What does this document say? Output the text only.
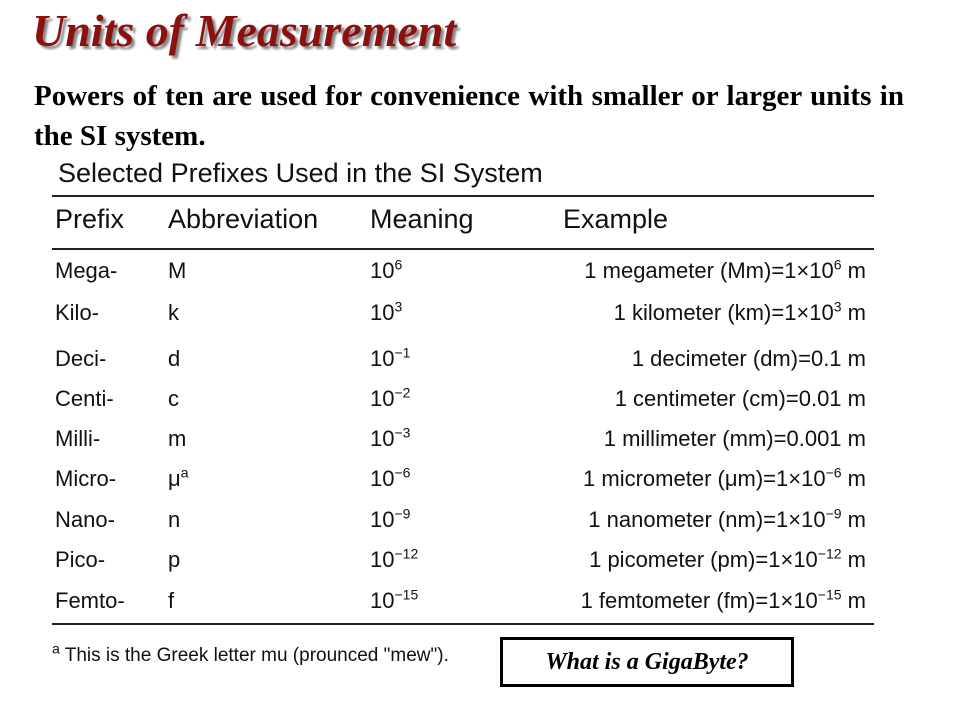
Units of Measurement
Powers of ten are used for convenience with smaller or larger units in the SI system.
Selected Prefixes Used in the SI System
Prefix Abbreviation Meaning	Example
Mega- M	$10^6$	1 megameter $(Mm)=1\times 10^6$ m
Kilo-	k	$10^3$	1 kilometer $(km)=1\times 10^3$ m
Deci-	d	$10^{-1}$	1 decimeter (dm)=0.1 m
Centi- c	$10^{-2}$	1 centimeter (cm)=0.01 m
Milli-	m	$10^{-3}$	1 millimeter (mm)=0.001 m
Micro- $\mu^a$	$10^{-6}$	1 micrometer $(\mu m)=1\times 10^{-6}$ m
Nano- n	$10^{-9}$	1 nanometer $(nm)=1\times 10^{-9}$ m
Pico-	p	$10^{-12}$	1 picometer $(pm)=1\times 10^{-12}$ m
Femto- f	$10^{-15}$	1 femtometer $(fm)=1\times 10^{-15}$ m
$^a$ This is the Greek letter mu (prounced "mew").	What is a GigaByte?
